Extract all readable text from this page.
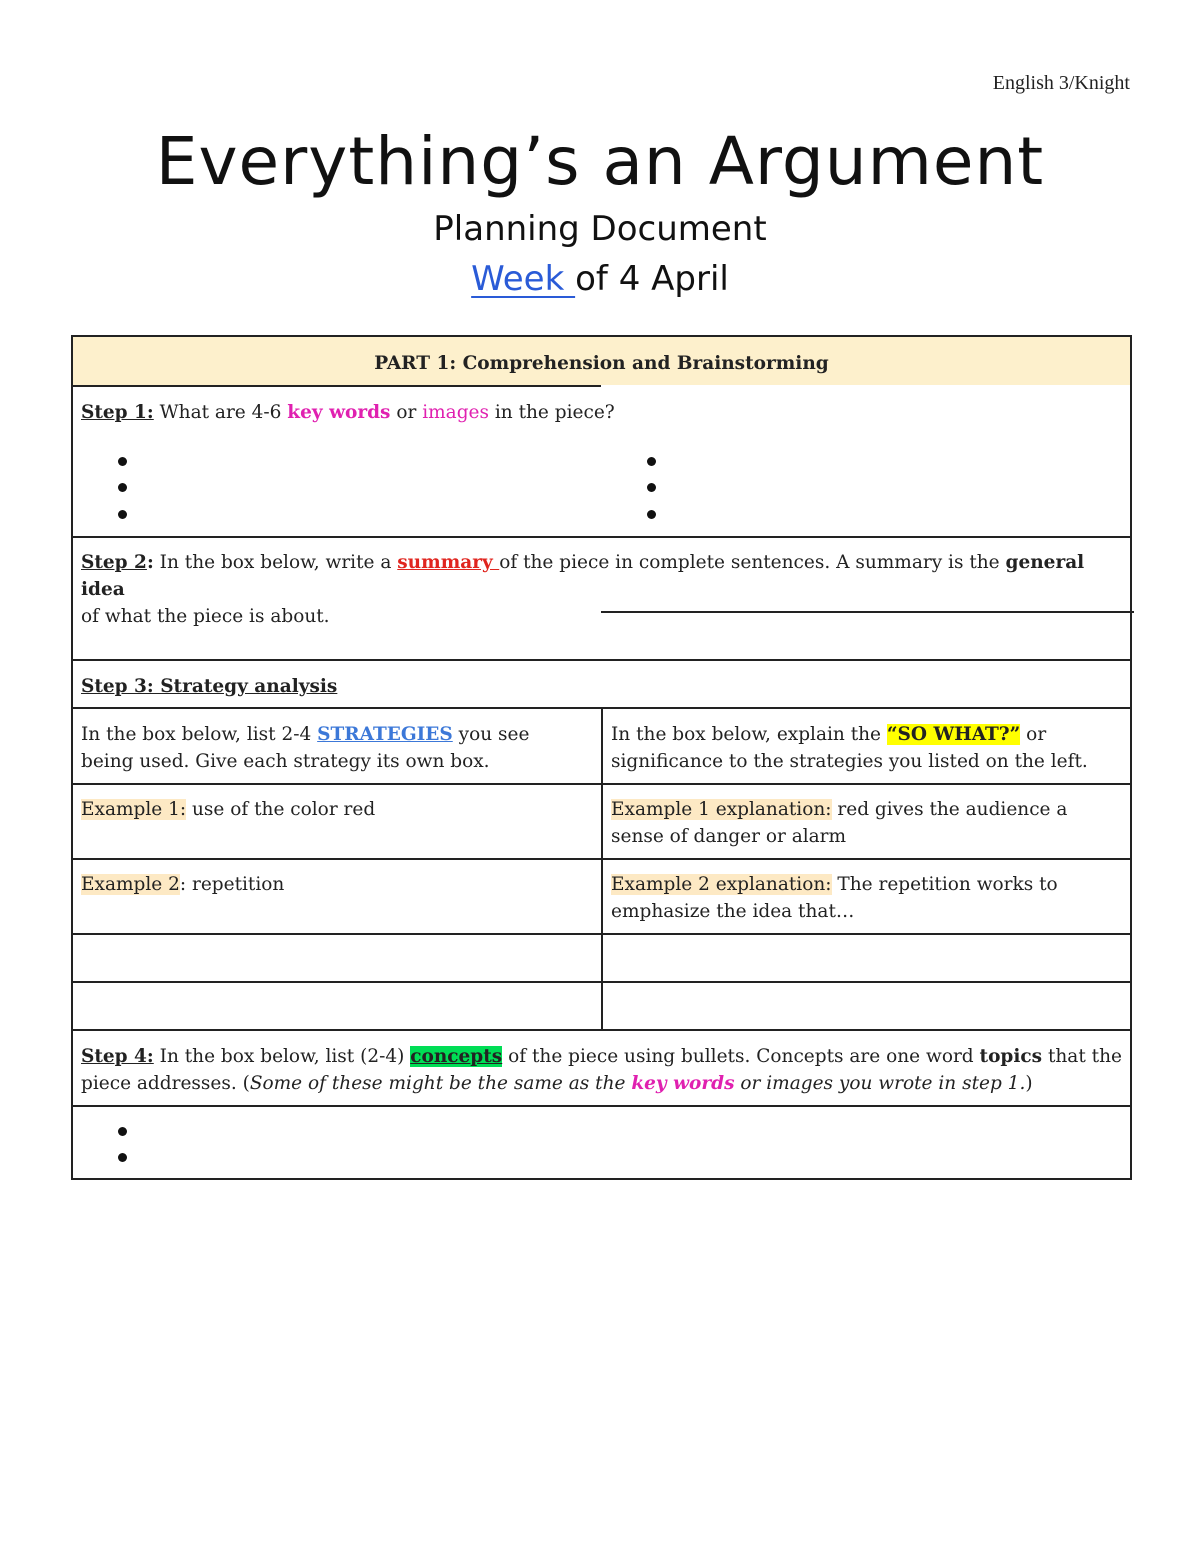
English 3/Knight
Everything’s an Argument
Planning Document
Week of 4 April
PART 1: Comprehension and Brainstorming
Step 1: What are 4-6 key words or images in the piece?
Step 2: In the box below, write a summary of the piece in complete sentences. A summary is the general idea
of what the piece is about.
Step 3: Strategy analysis
In the box below, list 2-4 STRATEGIES you see
being used. Give each strategy its own box.
In the box below, explain the “SO WHAT?” or
significance to the strategies you listed on the left.
Example 1: use of the color red	Example 1 explanation: red gives the audience a
sense of danger or alarm
Example 2: repetition	Example 2 explanation: The repetition works to
emphasize the idea that…
Step 4: In the box below, list (2-4) concepts of the piece using bullets. Concepts are one word topics that the
piece addresses. (Some of these might be the same as the key words or images you wrote in step 1.)
